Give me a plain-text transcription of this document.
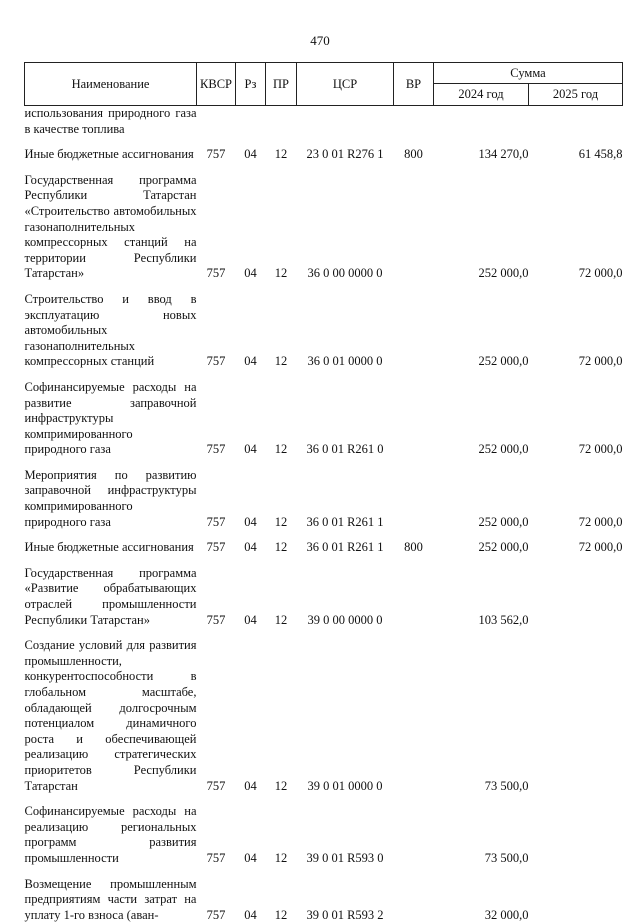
470
Наименование	КВСР	Рз	ПР	ЦСР	ВР	Сумма	
						2024 год	2025 год
использования природного газа в качестве топлива							
Иные бюджетные ассигнования	757	04	12	23 0 01 R276 1	800	134 270,0	61 458,8
Государственная программа Республики Татарстан «Строительство автомобильных газонаполнительных компрессорных станций на территории Республики Татарстан»	757	04	12	36 0 00 0000 0		252 000,0	72 000,0
Строительство и ввод в эксплуатацию новых автомобильных газонаполнительных компрессорных станций	757	04	12	36 0 01 0000 0		252 000,0	72 000,0
Софинансируемые расходы на развитие заправочной инфраструктуры компримированного природного газа	757	04	12	36 0 01 R261 0		252 000,0	72 000,0
Мероприятия по развитию заправочной инфраструктуры компримированного природного газа	757	04	12	36 0 01 R261 1		252 000,0	72 000,0
Иные бюджетные ассигнования	757	04	12	36 0 01 R261 1	800	252 000,0	72 000,0
Государственная программа «Развитие обрабатывающих отраслей промышленности Республики Татарстан»	757	04	12	39 0 00 0000 0		103 562,0	
Создание условий для развития промышленности, конкурентоспособности в глобальном масштабе, обладающей долгосрочным потенциалом динамичного роста и обеспечивающей реализацию стратегических приоритетов Республики Татарстан	757	04	12	39 0 01 0000 0		73 500,0	
Софинансируемые расходы на реализацию региональных программ развития промышленности	757	04	12	39 0 01 R593 0		73 500,0	
Возмещение промышленным предприятиям части затрат на уплату 1-го взноса (аван-	757	04	12	39 0 01 R593 2		32 000,0	
